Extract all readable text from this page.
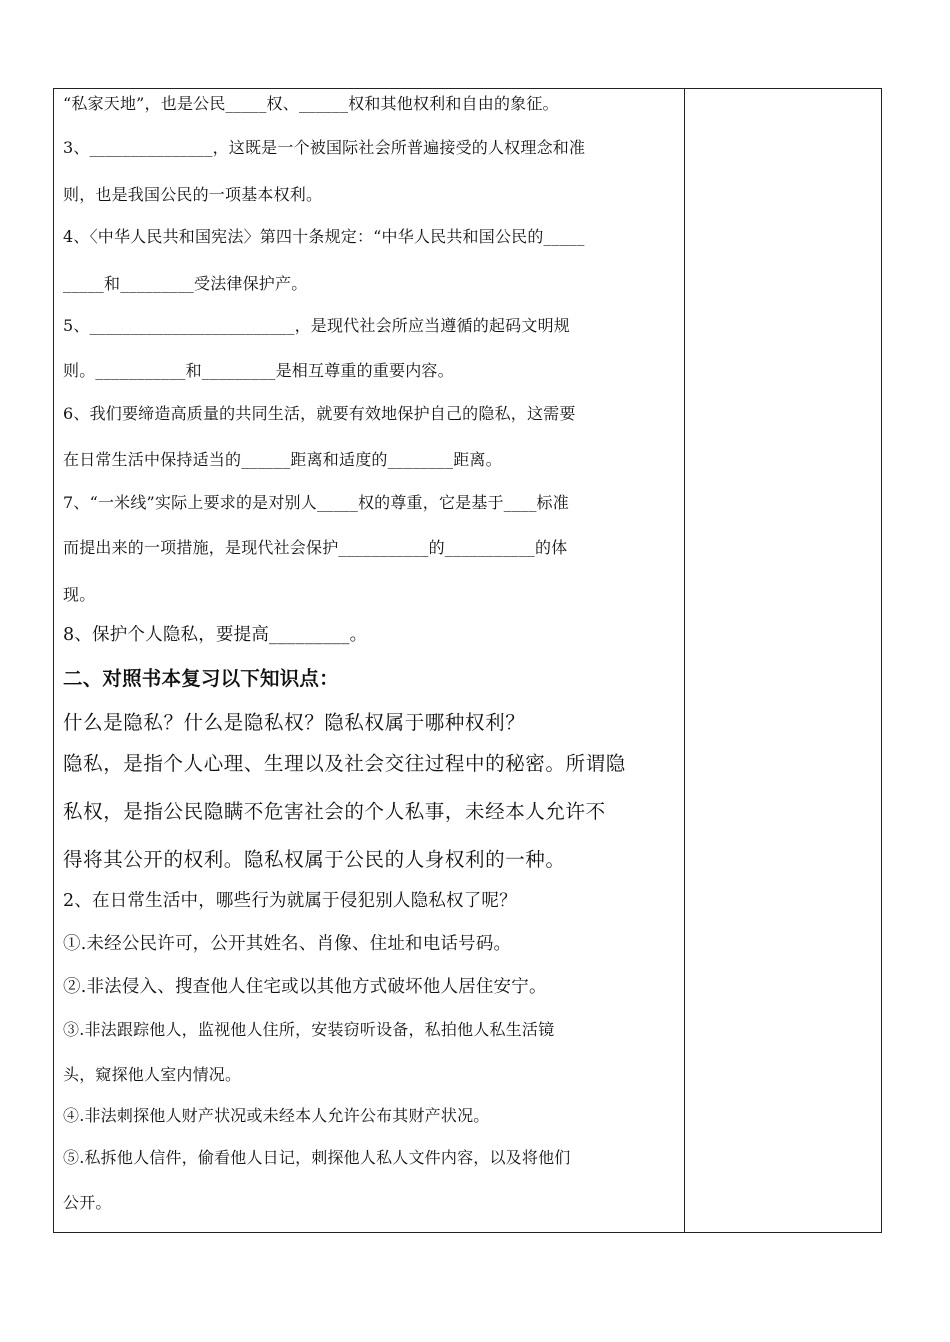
“私家天地”，也是公民_____权、______权和其他权利和自由的象征。
3、_______________，这既是一个被国际社会所普遍接受的人权理念和准
则，也是我国公民的一项基本权利。
4、〈中华人民共和国宪法〉第四十条规定：“中华人民共和国公民的_____
_____和_________受法律保护产。
5、_________________________，是现代社会所应当遵循的起码文明规
则。___________和_________是相互尊重的重要内容。
6、我们要缔造高质量的共同生活，就要有效地保护自己的隐私，这需要
在日常生活中保持适当的______距离和适度的________距离。
7、“一米线”实际上要求的是对别人_____权的尊重，它是基于____标准
而提出来的一项措施，是现代社会保护___________的___________的体
现。
8、保护个人隐私，要提高_________。
二、对照书本复习以下知识点：
什么是隐私？什么是隐私权？隐私权属于哪种权利？
隐私，是指个人心理、生理以及社会交往过程中的秘密。所谓隐
私权，是指公民隐瞒不危害社会的个人私事，未经本人允许不
得将其公开的权利。隐私权属于公民的人身权利的一种。
2、在日常生活中，哪些行为就属于侵犯别人隐私权了呢？
①.未经公民许可，公开其姓名、肖像、住址和电话号码。
②.非法侵入、搜查他人住宅或以其他方式破坏他人居住安宁。
③.非法跟踪他人，监视他人住所，安装窃听设备，私拍他人私生活镜
头，窥探他人室内情况。
④.非法刺探他人财产状况或未经本人允许公布其财产状况。
⑤.私拆他人信件，偷看他人日记，刺探他人私人文件内容，以及将他们
公开。
